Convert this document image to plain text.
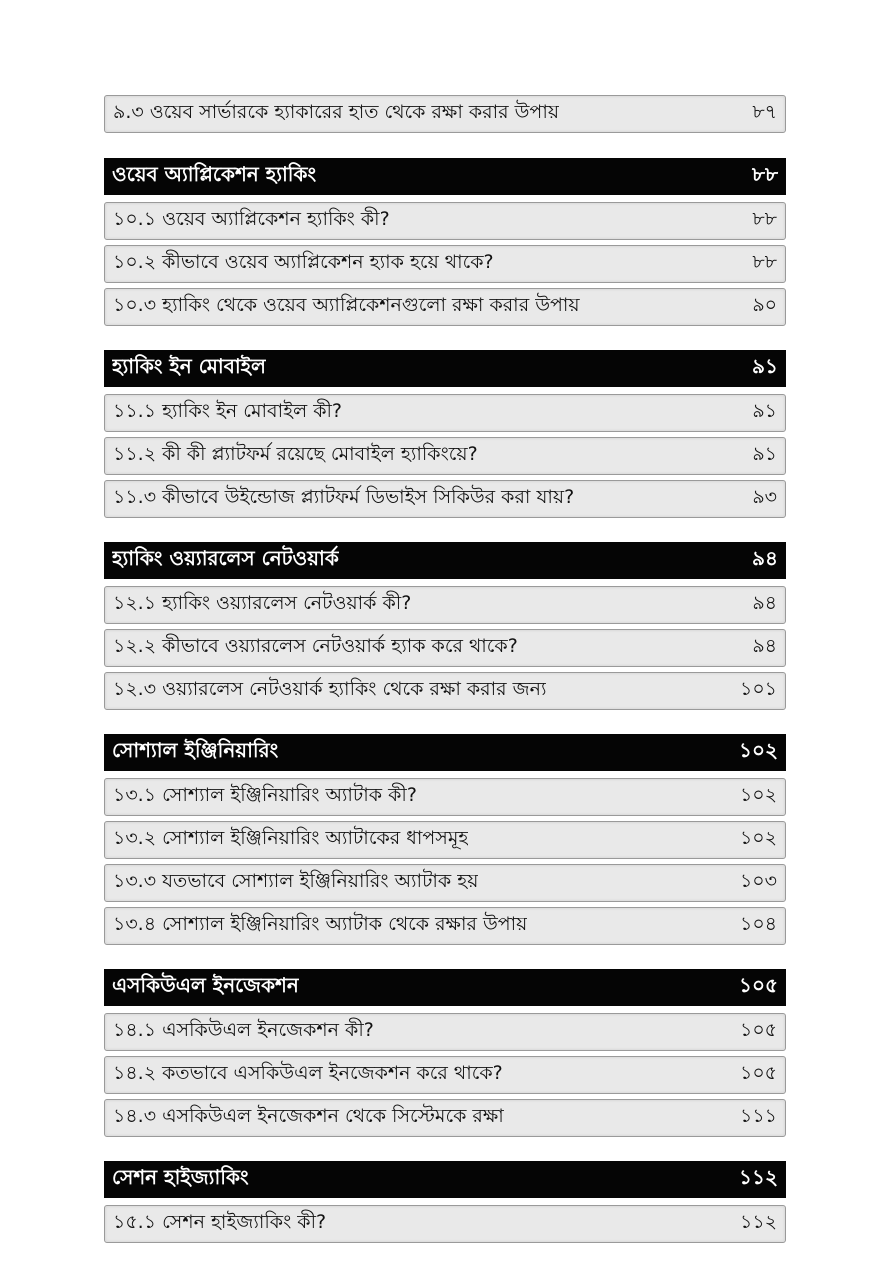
৯.৩ ওয়েব সার্ভারকে হ্যাকারের হাত থেকে রক্ষা করার উপায়	৮৭
ওয়েব অ্যাপ্লিকেশন হ্যাকিং	৮৮
১০.১ ওয়েব অ্যাপ্লিকেশন হ্যাকিং কী?	৮৮
১০.২ কীভাবে ওয়েব অ্যাপ্লিকেশন হ্যাক হয়ে থাকে?	৮৮
১০.৩ হ্যাকিং থেকে ওয়েব অ্যাপ্লিকেশনগুলো রক্ষা করার উপায়	৯০
হ্যাকিং ইন মোবাইল	৯১
১১.১ হ্যাকিং ইন মোবাইল কী?	৯১
১১.২ কী কী প্ল্যাটফর্ম রয়েছে মোবাইল হ্যাকিংয়ে?	৯১
১১.৩ কীভাবে উইন্ডোজ প্ল্যাটফর্ম ডিভাইস সিকিউর করা যায়?	৯৩
হ্যাকিং ওয়্যারলেস নেটওয়ার্ক	৯৪
১২.১ হ্যাকিং ওয়্যারলেস নেটওয়ার্ক কী?	৯৪
১২.২ কীভাবে ওয়্যারলেস নেটওয়ার্ক হ্যাক করে থাকে?	৯৪
১২.৩ ওয়্যারলেস নেটওয়ার্ক হ্যাকিং থেকে রক্ষা করার জন্য	১০১
সোশ্যাল ইঞ্জিনিয়ারিং	১০২
১৩.১ সোশ্যাল ইঞ্জিনিয়ারিং অ্যাটাক কী?	১০২
১৩.২ সোশ্যাল ইঞ্জিনিয়ারিং অ্যাটাকের ধাপসমূহ	১০২
১৩.৩ যতভাবে সোশ্যাল ইঞ্জিনিয়ারিং অ্যাটাক হয়	১০৩
১৩.৪ সোশ্যাল ইঞ্জিনিয়ারিং অ্যাটাক থেকে রক্ষার উপায়	১০৪
এসকিউএল ইনজেকশন	১০৫
১৪.১ এসকিউএল ইনজেকশন কী?	১০৫
১৪.২ কতভাবে এসকিউএল ইনজেকশন করে থাকে?	১০৫
১৪.৩ এসকিউএল ইনজেকশন থেকে সিস্টেমকে রক্ষা	১১১
সেশন হাইজ্যাকিং	১১২
১৫.১ সেশন হাইজ্যাকিং কী?	১১২
